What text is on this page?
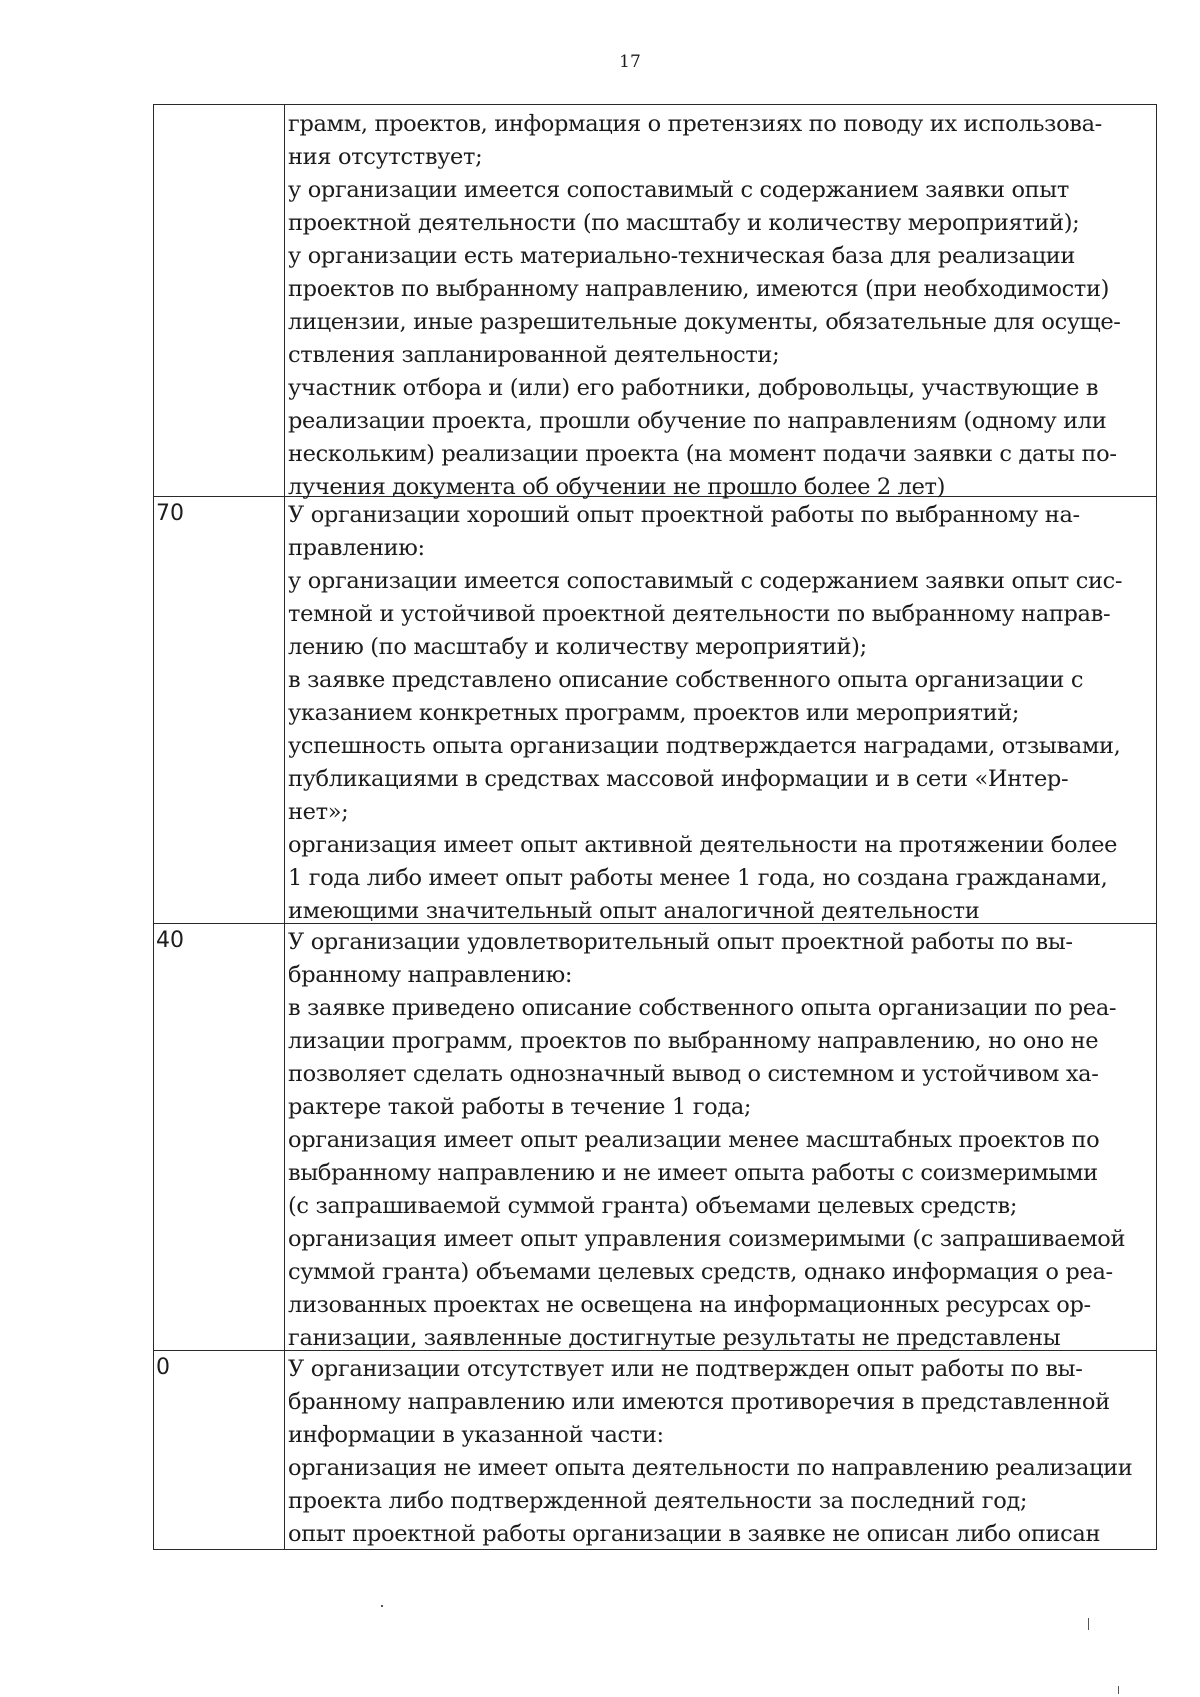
17
грамм, проектов, информация о претензиях по поводу их использова-
ния отсутствует;
у организации имеется сопоставимый с содержанием заявки опыт
проектной деятельности (по масштабу и количеству мероприятий);
у организации есть материально-техническая база для реализации
проектов по выбранному направлению, имеются (при необходимости)
лицензии, иные разрешительные документы, обязательные для осуще-
ствления запланированной деятельности;
участник отбора и (или) его работники, добровольцы, участвующие в
реализации проекта, прошли обучение по направлениям (одному или
нескольким) реализации проекта (на момент подачи заявки с даты по-
лучения документа об обучении не прошло более 2 лет)
70	У организации хороший опыт проектной работы по выбранному на-
правлению:
у организации имеется сопоставимый с содержанием заявки опыт сис-
темной и устойчивой проектной деятельности по выбранному направ-
лению (по масштабу и количеству мероприятий);
в заявке представлено описание собственного опыта организации с
указанием конкретных программ, проектов или мероприятий;
успешность опыта организации подтверждается наградами, отзывами,
публикациями в средствах массовой информации и в сети «Интер-
нет»;
организация имеет опыт активной деятельности на протяжении более
1 года либо имеет опыт работы менее 1 года, но создана гражданами,
имеющими значительный опыт аналогичной деятельности
40	У организации удовлетворительный опыт проектной работы по вы-
бранному направлению:
в заявке приведено описание собственного опыта организации по реа-
лизации программ, проектов по выбранному направлению, но оно не
позволяет сделать однозначный вывод о системном и устойчивом ха-
рактере такой работы в течение 1 года;
организация имеет опыт реализации менее масштабных проектов по
выбранному направлению и не имеет опыта работы с соизмеримыми
(с запрашиваемой суммой гранта) объемами целевых средств;
организация имеет опыт управления соизмеримыми (с запрашиваемой
суммой гранта) объемами целевых средств, однако информация о реа-
лизованных проектах не освещена на информационных ресурсах ор-
ганизации, заявленные достигнутые результаты не представлены
0	У организации отсутствует или не подтвержден опыт работы по вы-
бранному направлению или имеются противоречия в представленной
информации в указанной части:
организация не имеет опыта деятельности по направлению реализации
проекта либо подтвержденной деятельности за последний год;
опыт проектной работы организации в заявке не описан либо описан
